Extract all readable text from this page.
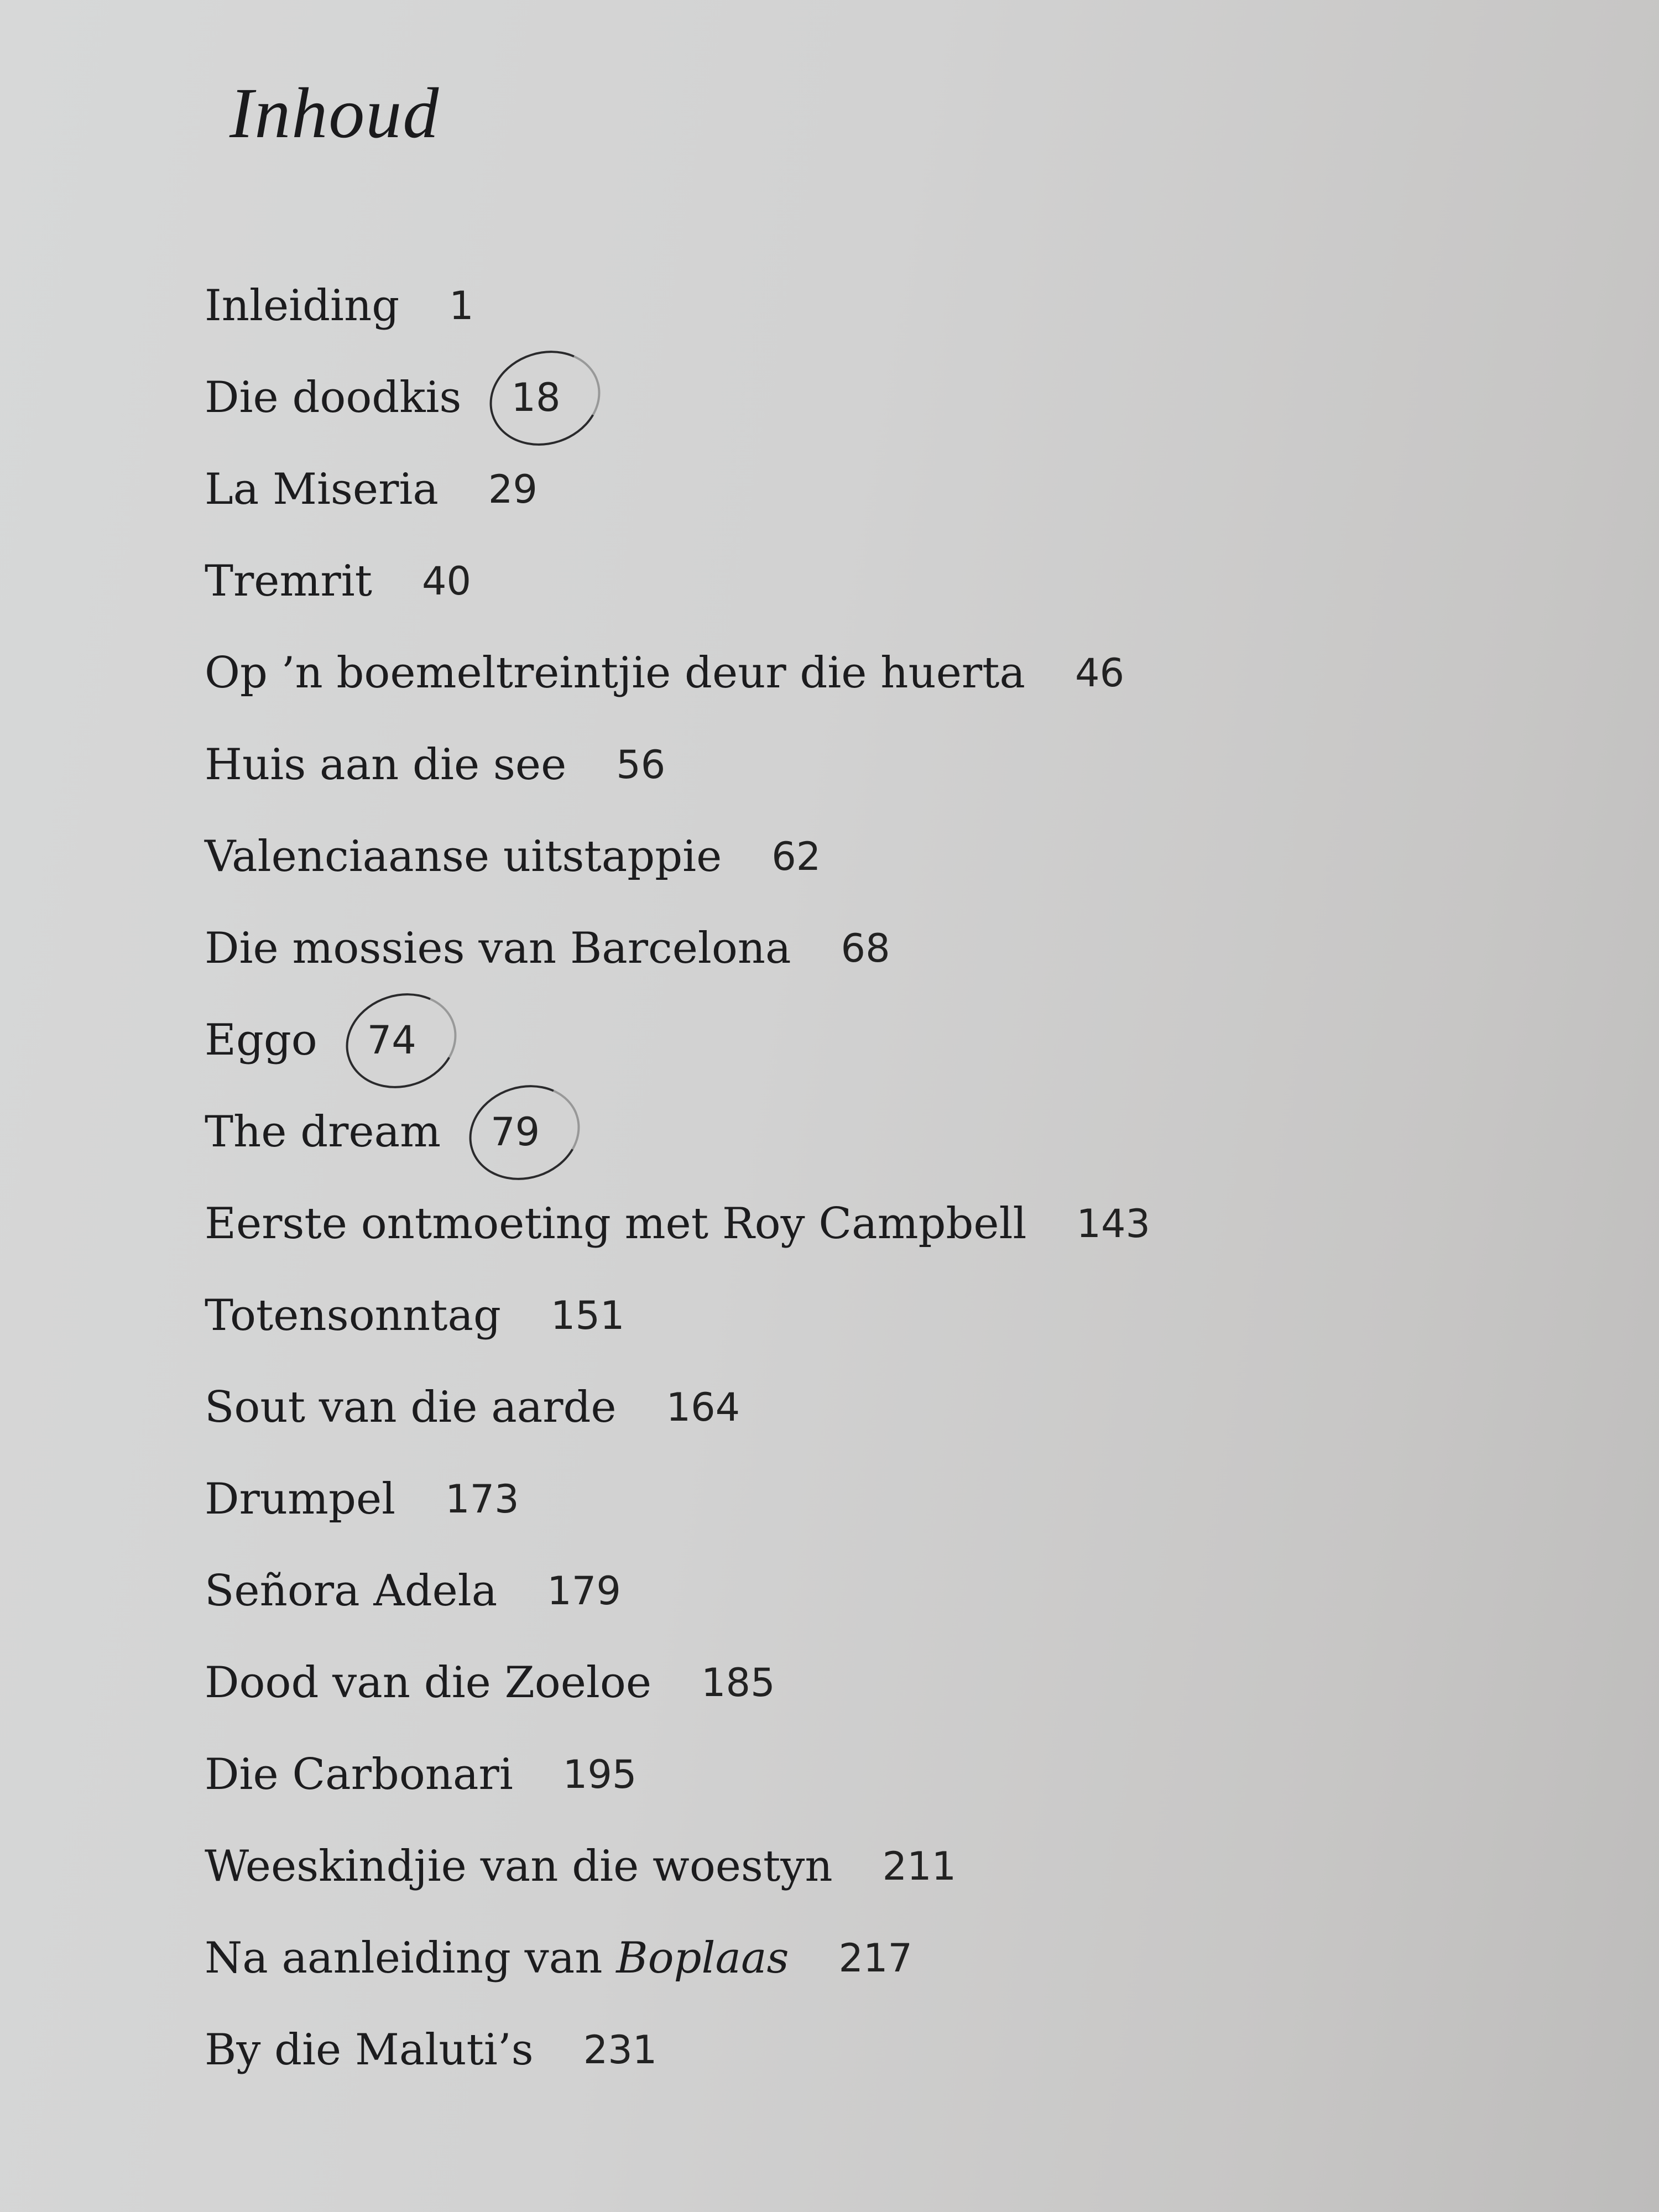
Inhoud
Inleiding 1
Die doodkis 18
La Miseria 29
Tremrit 40
Op ’n boemeltreintjie deur die huerta 46
Huis aan die see 56
Valenciaanse uitstappie 62
Die mossies van Barcelona 68
Eggo 74
The dream 79
Eerste ontmoeting met Roy Campbell 143
Totensonntag 151
Sout van die aarde 164
Drumpel 173
Señora Adela 179
Dood van die Zoeloe 185
Die Carbonari 195
Weeskindjie van die woestyn 211
Na aanleiding van Boplaas 217
By die Maluti’s 231
